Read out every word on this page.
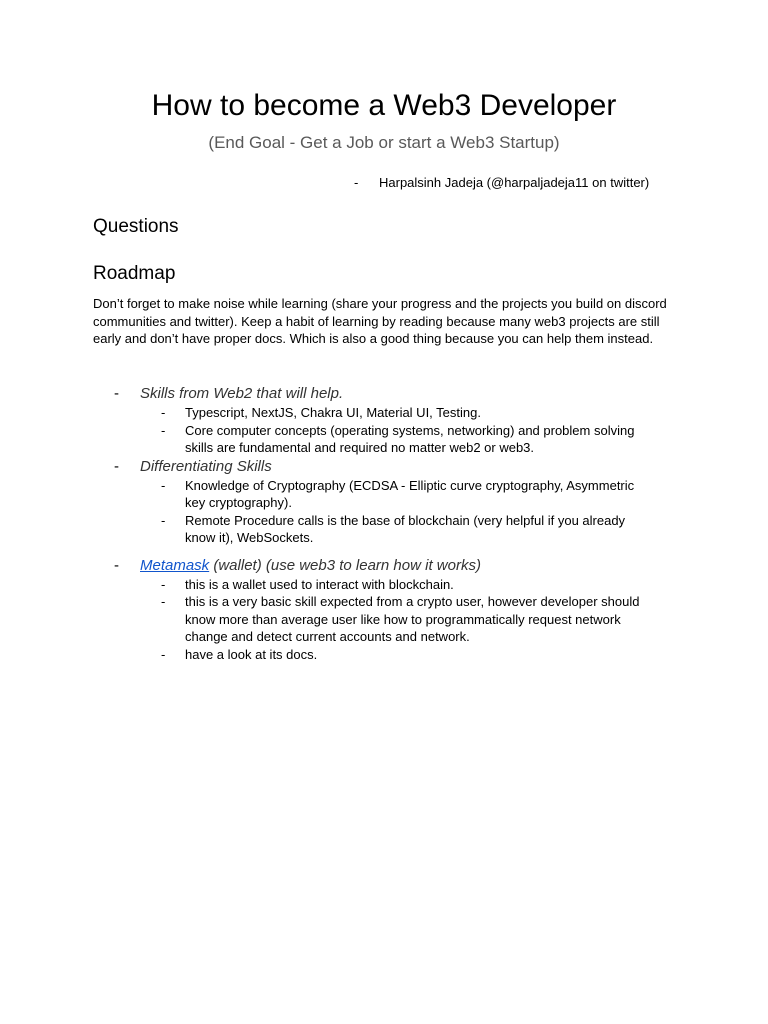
How to become a Web3 Developer
(End Goal - Get a Job or start a Web3 Startup)
- Harpalsinh Jadeja (@harpaljadeja11 on twitter)
Questions
Roadmap
Don’t forget to make noise while learning (share your progress and the projects you build on discord communities and twitter). Keep a habit of learning by reading because many web3 projects are still early and don’t have proper docs. Which is also a good thing because you can help them instead.
- Skills from Web2 that will help.
- Typescript, NextJS, Chakra UI, Material UI, Testing.
- Core computer concepts (operating systems, networking) and problem solving skills are fundamental and required no matter web2 or web3.
- Differentiating Skills
- Knowledge of Cryptography (ECDSA - Elliptic curve cryptography, Asymmetric key cryptography).
- Remote Procedure calls is the base of blockchain (very helpful if you already know it), WebSockets.
- Metamask (wallet) (use web3 to learn how it works)
- this is a wallet used to interact with blockchain.
- this is a very basic skill expected from a crypto user, however developer should know more than average user like how to programmatically request network change and detect current accounts and network.
- have a look at its docs.
